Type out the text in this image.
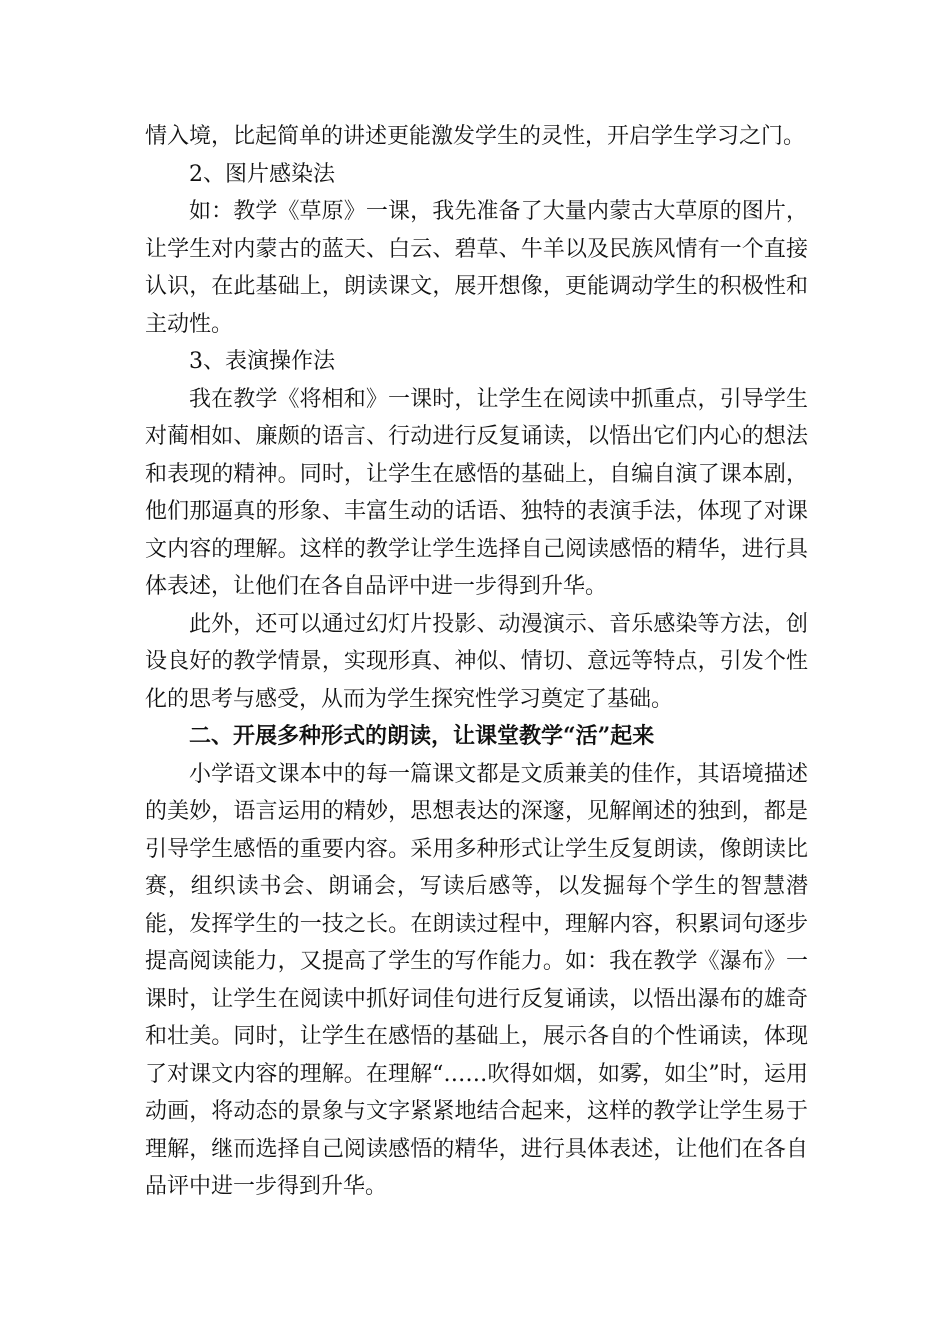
情入境，比起简单的讲述更能激发学生的灵性，开启学生学习之门。

2、图片感染法

如：教学《草原》一课，我先准备了大量内蒙古大草原的图片，让学生对内蒙古的蓝天、白云、碧草、牛羊以及民族风情有一个直接认识，在此基础上，朗读课文，展开想像，更能调动学生的积极性和主动性。

3、表演操作法

我在教学《将相和》一课时，让学生在阅读中抓重点，引导学生对蔺相如、廉颇的语言、行动进行反复诵读，以悟出它们内心的想法和表现的精神。同时，让学生在感悟的基础上，自编自演了课本剧，他们那逼真的形象、丰富生动的话语、独特的表演手法，体现了对课文内容的理解。这样的教学让学生选择自己阅读感悟的精华，进行具体表述，让他们在各自品评中进一步得到升华。

此外，还可以通过幻灯片投影、动漫演示、音乐感染等方法，创设良好的教学情景，实现形真、神似、情切、意远等特点，引发个性化的思考与感受，从而为学生探究性学习奠定了基础。

二、开展多种形式的朗读，让课堂教学“活”起来

小学语文课本中的每一篇课文都是文质兼美的佳作，其语境描述的美妙，语言运用的精妙，思想表达的深邃，见解阐述的独到，都是引导学生感悟的重要内容。采用多种形式让学生反复朗读，像朗读比赛，组织读书会、朗诵会，写读后感等，以发掘每个学生的智慧潜能，发挥学生的一技之长。在朗读过程中，理解内容，积累词句逐步提高阅读能力，又提高了学生的写作能力。如：我在教学《瀑布》一课时，让学生在阅读中抓好词佳句进行反复诵读，以悟出瀑布的雄奇和壮美。同时，让学生在感悟的基础上，展示各自的个性诵读，体现了对课文内容的理解。在理解“……吹得如烟，如雾，如尘”时，运用动画，将动态的景象与文字紧紧地结合起来，这样的教学让学生易于理解，继而选择自己阅读感悟的精华，进行具体表述，让他们在各自品评中进一步得到升华。
